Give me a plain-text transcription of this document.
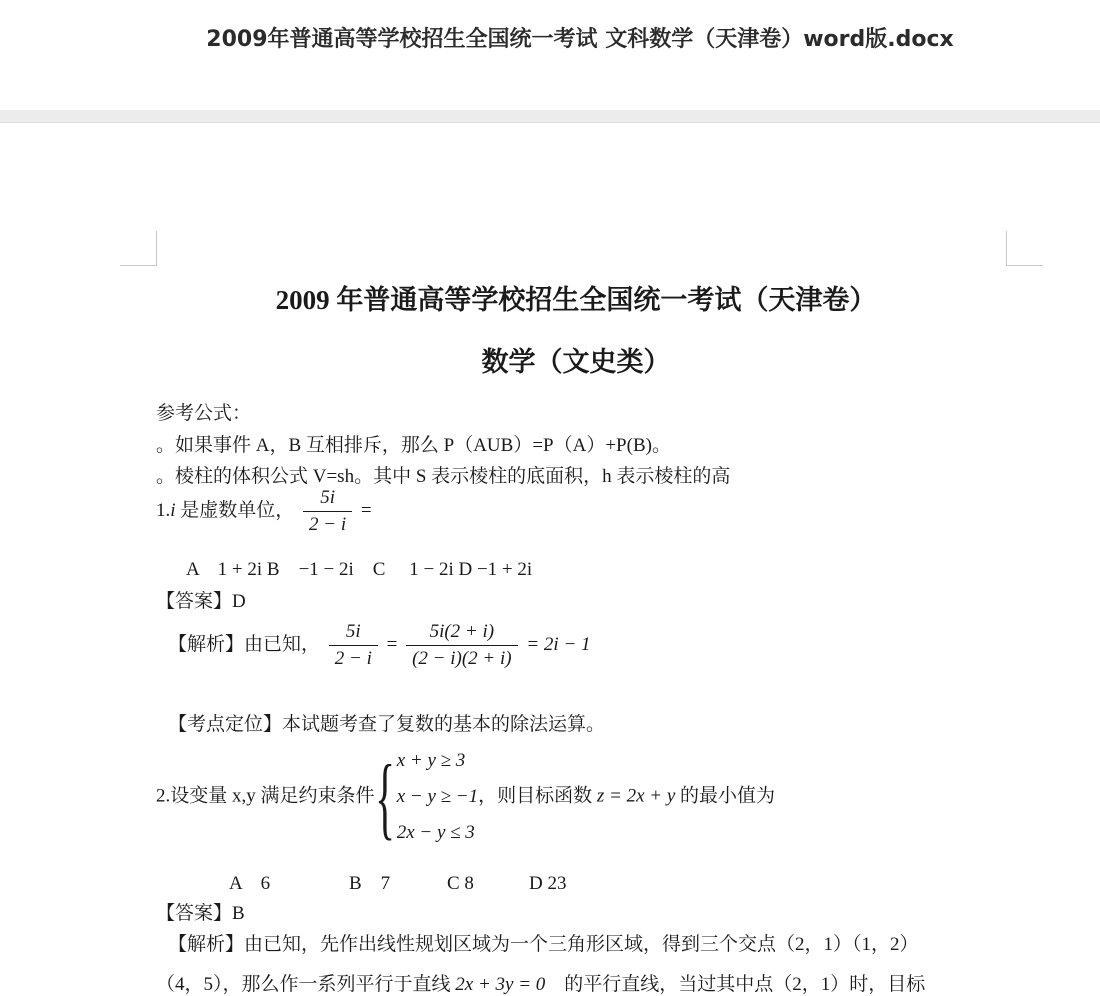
2009年普通高等学校招生全国统一考试 文科数学（天津卷）word版.docx
2009 年普通高等学校招生全国统一考试（天津卷）
数学（文史类）
参考公式：
。如果事件 A，B 互相排斥，那么 P（AUB）=P（A）+P(B)。
。棱柱的体积公式 V=sh。其中 S 表示棱柱的底面积，h 表示棱柱的高
1.i 是虚数单位， $\frac{5i}{2 - i}$ =
A　1 + 2i B　−1 − 2i　C　 1 − 2i D −1 + 2i
【答案】D
【解析】由已知， $\frac{5i}{2 - i} = \frac{5i(2 + i)}{(2 - i)(2 + i)} = 2i - 1$
【考点定位】本试题考查了复数的基本的除法运算。
2.设变量 x,y 满足约束条件{ x + y ≥ 3
x − y ≥ −1
2x − y ≤ 3
，则目标函数 z = 2x + y 的最小值为
A　6	B　7	C 8	D 23
【答案】B
【解析】由已知，先作出线性规划区域为一个三角形区域，得到三个交点（2，1）（1，2）
（4，5），那么作一系列平行于直线 2x + 3y = 0　的平行直线，当过其中点（2，1）时，目标
